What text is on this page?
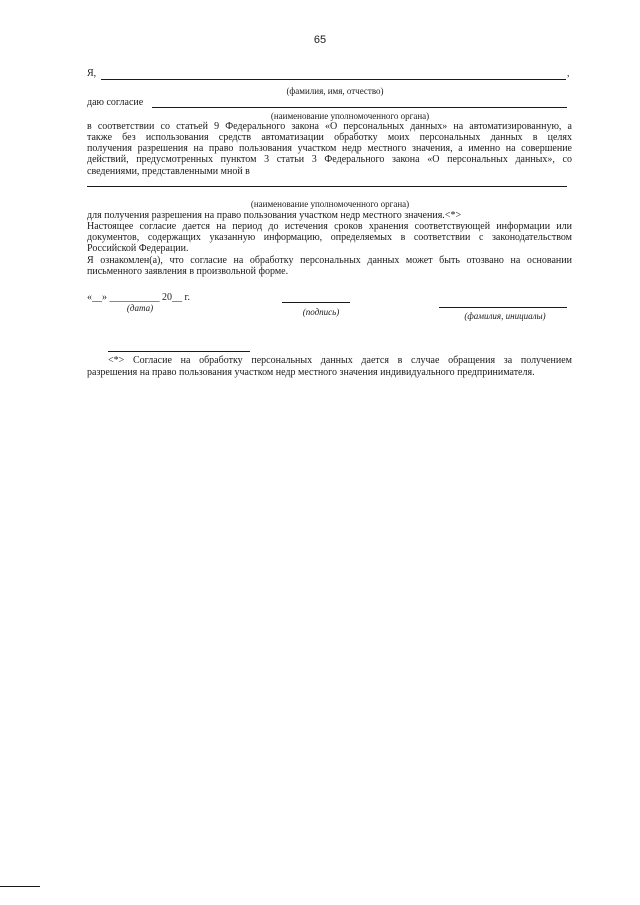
65
Я,	,
(фамилия, имя, отчество)
даю согласие
(наименование уполномоченного органа)
в соответствии со статьей 9 Федерального закона «О персональных данных» на автоматизированную, а
также без использования средств автоматизации обработку моих персональных данных в целях
получения разрешения на право пользования участком недр местного значения, а именно на совершение
действий, предусмотренных пунктом 3 статьи 3 Федерального закона «О персональных данных», со
сведениями, представленными мной в
(наименование уполномоченного органа)
для получения разрешения на право пользования участком недр местного значения.<*>
Настоящее согласие дается на период до истечения сроков хранения соответствующей информации или
документов, содержащих указанную информацию, определяемых в соответствии с законодательством
Российской Федерации.
Я ознакомлен(а), что согласие на обработку персональных данных может быть отозвано на основании
письменного заявления в произвольной форме.
«__» __________ 20__ г.
(дата)	(подпись)	(фамилия, инициалы)
<*> Согласие на обработку персональных данных дается в случае обращения за получением
разрешения на право пользования участком недр местного значения индивидуального предпринимателя.
